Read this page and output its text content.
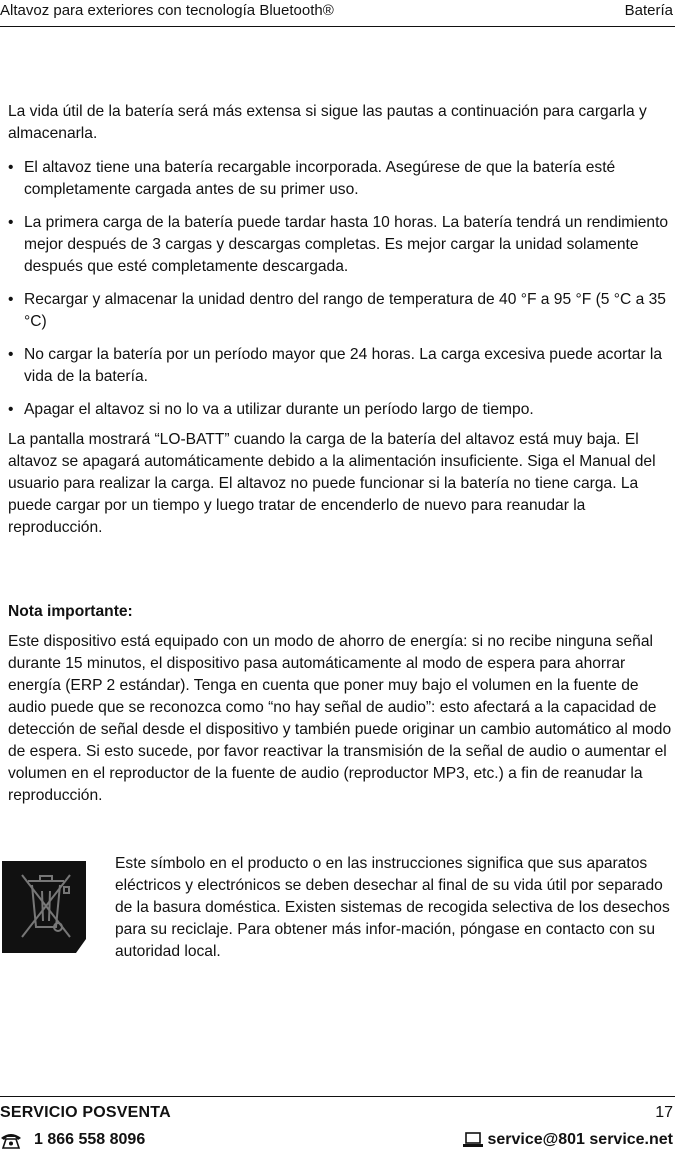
Altavoz para exteriores con tecnología Bluetooth®	Batería

La vida útil de la batería será más extensa si sigue las pautas a continuación para cargarla y almacenarla.

• El altavoz tiene una batería recargable incorporada. Asegúrese de que la batería esté completamente cargada antes de su primer uso.
• La primera carga de la batería puede tardar hasta 10 horas. La batería tendrá un rendimiento mejor después de 3 cargas y descargas completas. Es mejor cargar la unidad solamente después que esté completamente descargada.
• Recargar y almacenar la unidad dentro del rango de temperatura de 40 °F a 95 °F (5 °C a 35 °C)
• No cargar la batería por un período mayor que 24 horas. La carga excesiva puede acortar la vida de la batería.
• Apagar el altavoz si no lo va a utilizar durante un período largo de tiempo.

La pantalla mostrará “LO-BATT” cuando la carga de la batería del altavoz está muy baja. El altavoz se apagará automáticamente debido a la alimentación insuficiente. Siga el Manual del usuario para realizar la carga. El altavoz no puede funcionar si la batería no tiene carga. La puede cargar por un tiempo y luego tratar de encenderlo de nuevo para reanudar la reproducción.

Nota importante:

Este dispositivo está equipado con un modo de ahorro de energía: si no recibe ninguna señal durante 15 minutos, el dispositivo pasa automáticamente al modo de espera para ahorrar energía (ERP 2 estándar). Tenga en cuenta que poner muy bajo el volumen en la fuente de audio puede que se reconozca como “no hay señal de audio”: esto afectará a la capacidad de detección de señal desde el dispositivo y también puede originar un cambio automático al modo de espera. Si esto sucede, por favor reactivar la transmisión de la señal de audio o aumentar el volumen en el reproductor de la fuente de audio (reproductor MP3, etc.) a fin de reanudar la reproducción.

Este símbolo en el producto o en las instrucciones significa que sus aparatos eléctricos y electrónicos se deben desechar al final de su vida útil por separado de la basura doméstica. Existen sistemas de recogida selectiva de los desechos para su reciclaje. Para obtener más infor-mación, póngase en contacto con su autoridad local.

SERVICIO POSVENTA	17
1 866 558 8096	service@801 service.net
